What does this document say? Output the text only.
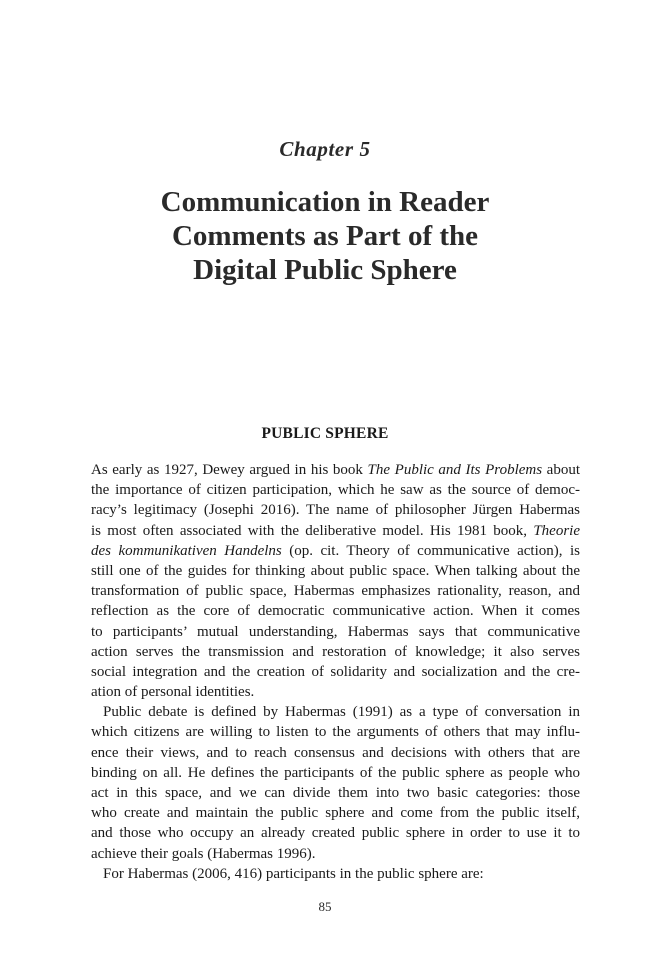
Chapter 5
Communication in Reader
Comments as Part of the
Digital Public Sphere
PUBLIC SPHERE
As early as 1927, Dewey argued in his book The Public and Its Problems about
the importance of citizen participation, which he saw as the source of democ-
racy’s legitimacy (Josephi 2016). The name of philosopher Jürgen Habermas
is most often associated with the deliberative model. His 1981 book, Theorie
des kommunikativen Handelns (op. cit. Theory of communicative action), is
still one of the guides for thinking about public space. When talking about the
transformation of public space, Habermas emphasizes rationality, reason, and
reflection as the core of democratic communicative action. When it comes
to participants’ mutual understanding, Habermas says that communicative
action serves the transmission and restoration of knowledge; it also serves
social integration and the creation of solidarity and socialization and the cre-
ation of personal identities.
Public debate is defined by Habermas (1991) as a type of conversation in
which citizens are willing to listen to the arguments of others that may influ-
ence their views, and to reach consensus and decisions with others that are
binding on all. He defines the participants of the public sphere as people who
act in this space, and we can divide them into two basic categories: those
who create and maintain the public sphere and come from the public itself,
and those who occupy an already created public sphere in order to use it to
achieve their goals (Habermas 1996).
For Habermas (2006, 416) participants in the public sphere are:
85
